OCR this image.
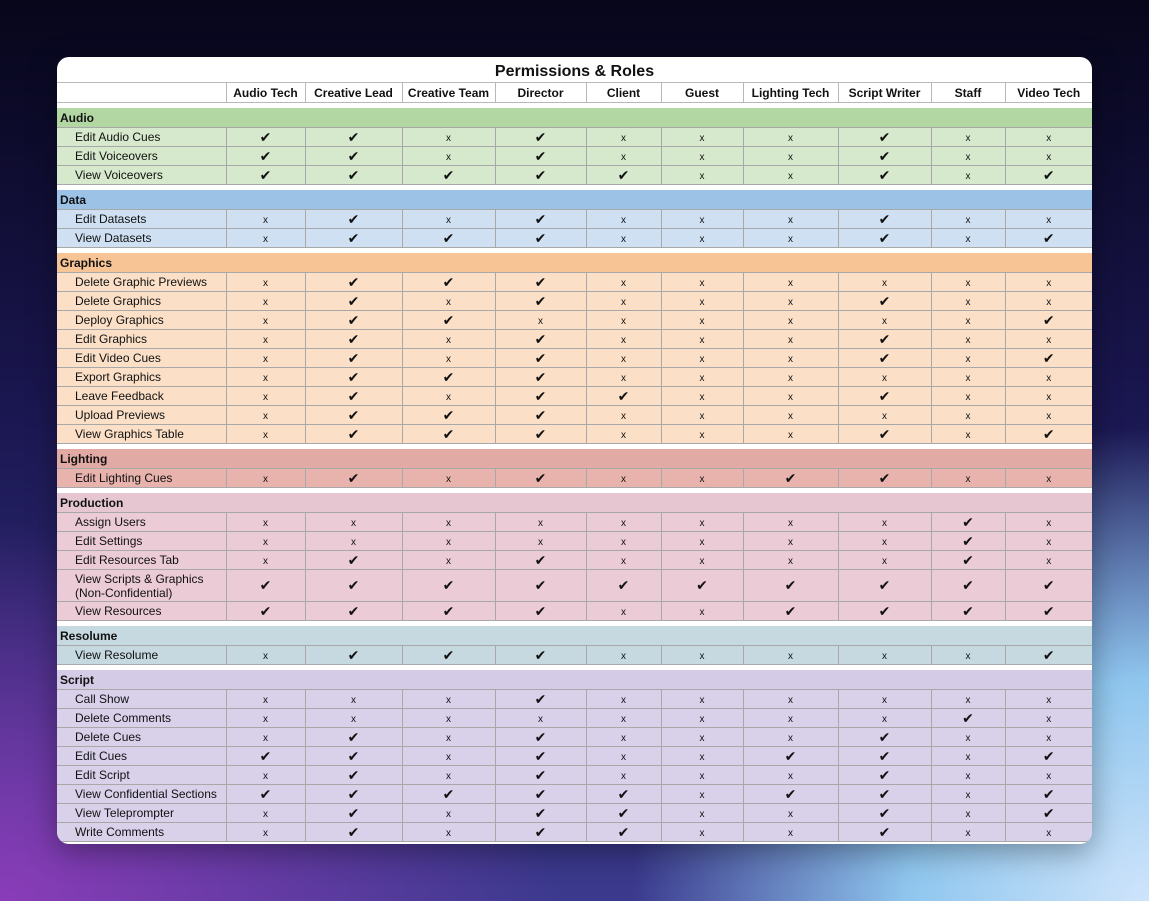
Permissions & Roles										
	Audio Tech	Creative Lead	Creative Team	Director	Client	Guest	Lighting Tech	Script Writer	Staff	Video Tech

Audio										
Edit Audio Cues	✔	✔	x	✔	x	x	x	✔	x	x
Edit Voiceovers	✔	✔	x	✔	x	x	x	✔	x	x
View Voiceovers	✔	✔	✔	✔	✔	x	x	✔	x	✔

Data										
Edit Datasets	x	✔	x	✔	x	x	x	✔	x	x
View Datasets	x	✔	✔	✔	x	x	x	✔	x	✔

Graphics										
Delete Graphic Previews	x	✔	✔	✔	x	x	x	x	x	x
Delete Graphics	x	✔	x	✔	x	x	x	✔	x	x
Deploy Graphics	x	✔	✔	x	x	x	x	x	x	✔
Edit Graphics	x	✔	x	✔	x	x	x	✔	x	x
Edit Video Cues	x	✔	x	✔	x	x	x	✔	x	✔
Export Graphics	x	✔	✔	✔	x	x	x	x	x	x
Leave Feedback	x	✔	x	✔	✔	x	x	✔	x	x
Upload Previews	x	✔	✔	✔	x	x	x	x	x	x
View Graphics Table	x	✔	✔	✔	x	x	x	✔	x	✔

Lighting										
Edit Lighting Cues	x	✔	x	✔	x	x	✔	✔	x	x

Production										
Assign Users	x	x	x	x	x	x	x	x	✔	x
Edit Settings	x	x	x	x	x	x	x	x	✔	x
Edit Resources Tab	x	✔	x	✔	x	x	x	x	✔	x
View Scripts & Graphics (Non-Confidential)	✔	✔	✔	✔	✔	✔	✔	✔	✔	✔
View Resources	✔	✔	✔	✔	x	x	✔	✔	✔	✔

Resolume										
View Resolume	x	✔	✔	✔	x	x	x	x	x	✔

Script										
Call Show	x	x	x	✔	x	x	x	x	x	x
Delete Comments	x	x	x	x	x	x	x	x	✔	x
Delete Cues	x	✔	x	✔	x	x	x	✔	x	x
Edit Cues	✔	✔	x	✔	x	x	✔	✔	x	✔
Edit Script	x	✔	x	✔	x	x	x	✔	x	x
View Confidential Sections	✔	✔	✔	✔	✔	x	✔	✔	x	✔
View Teleprompter	x	✔	x	✔	✔	x	x	✔	x	✔
Write Comments	x	✔	x	✔	✔	x	x	✔	x	x
